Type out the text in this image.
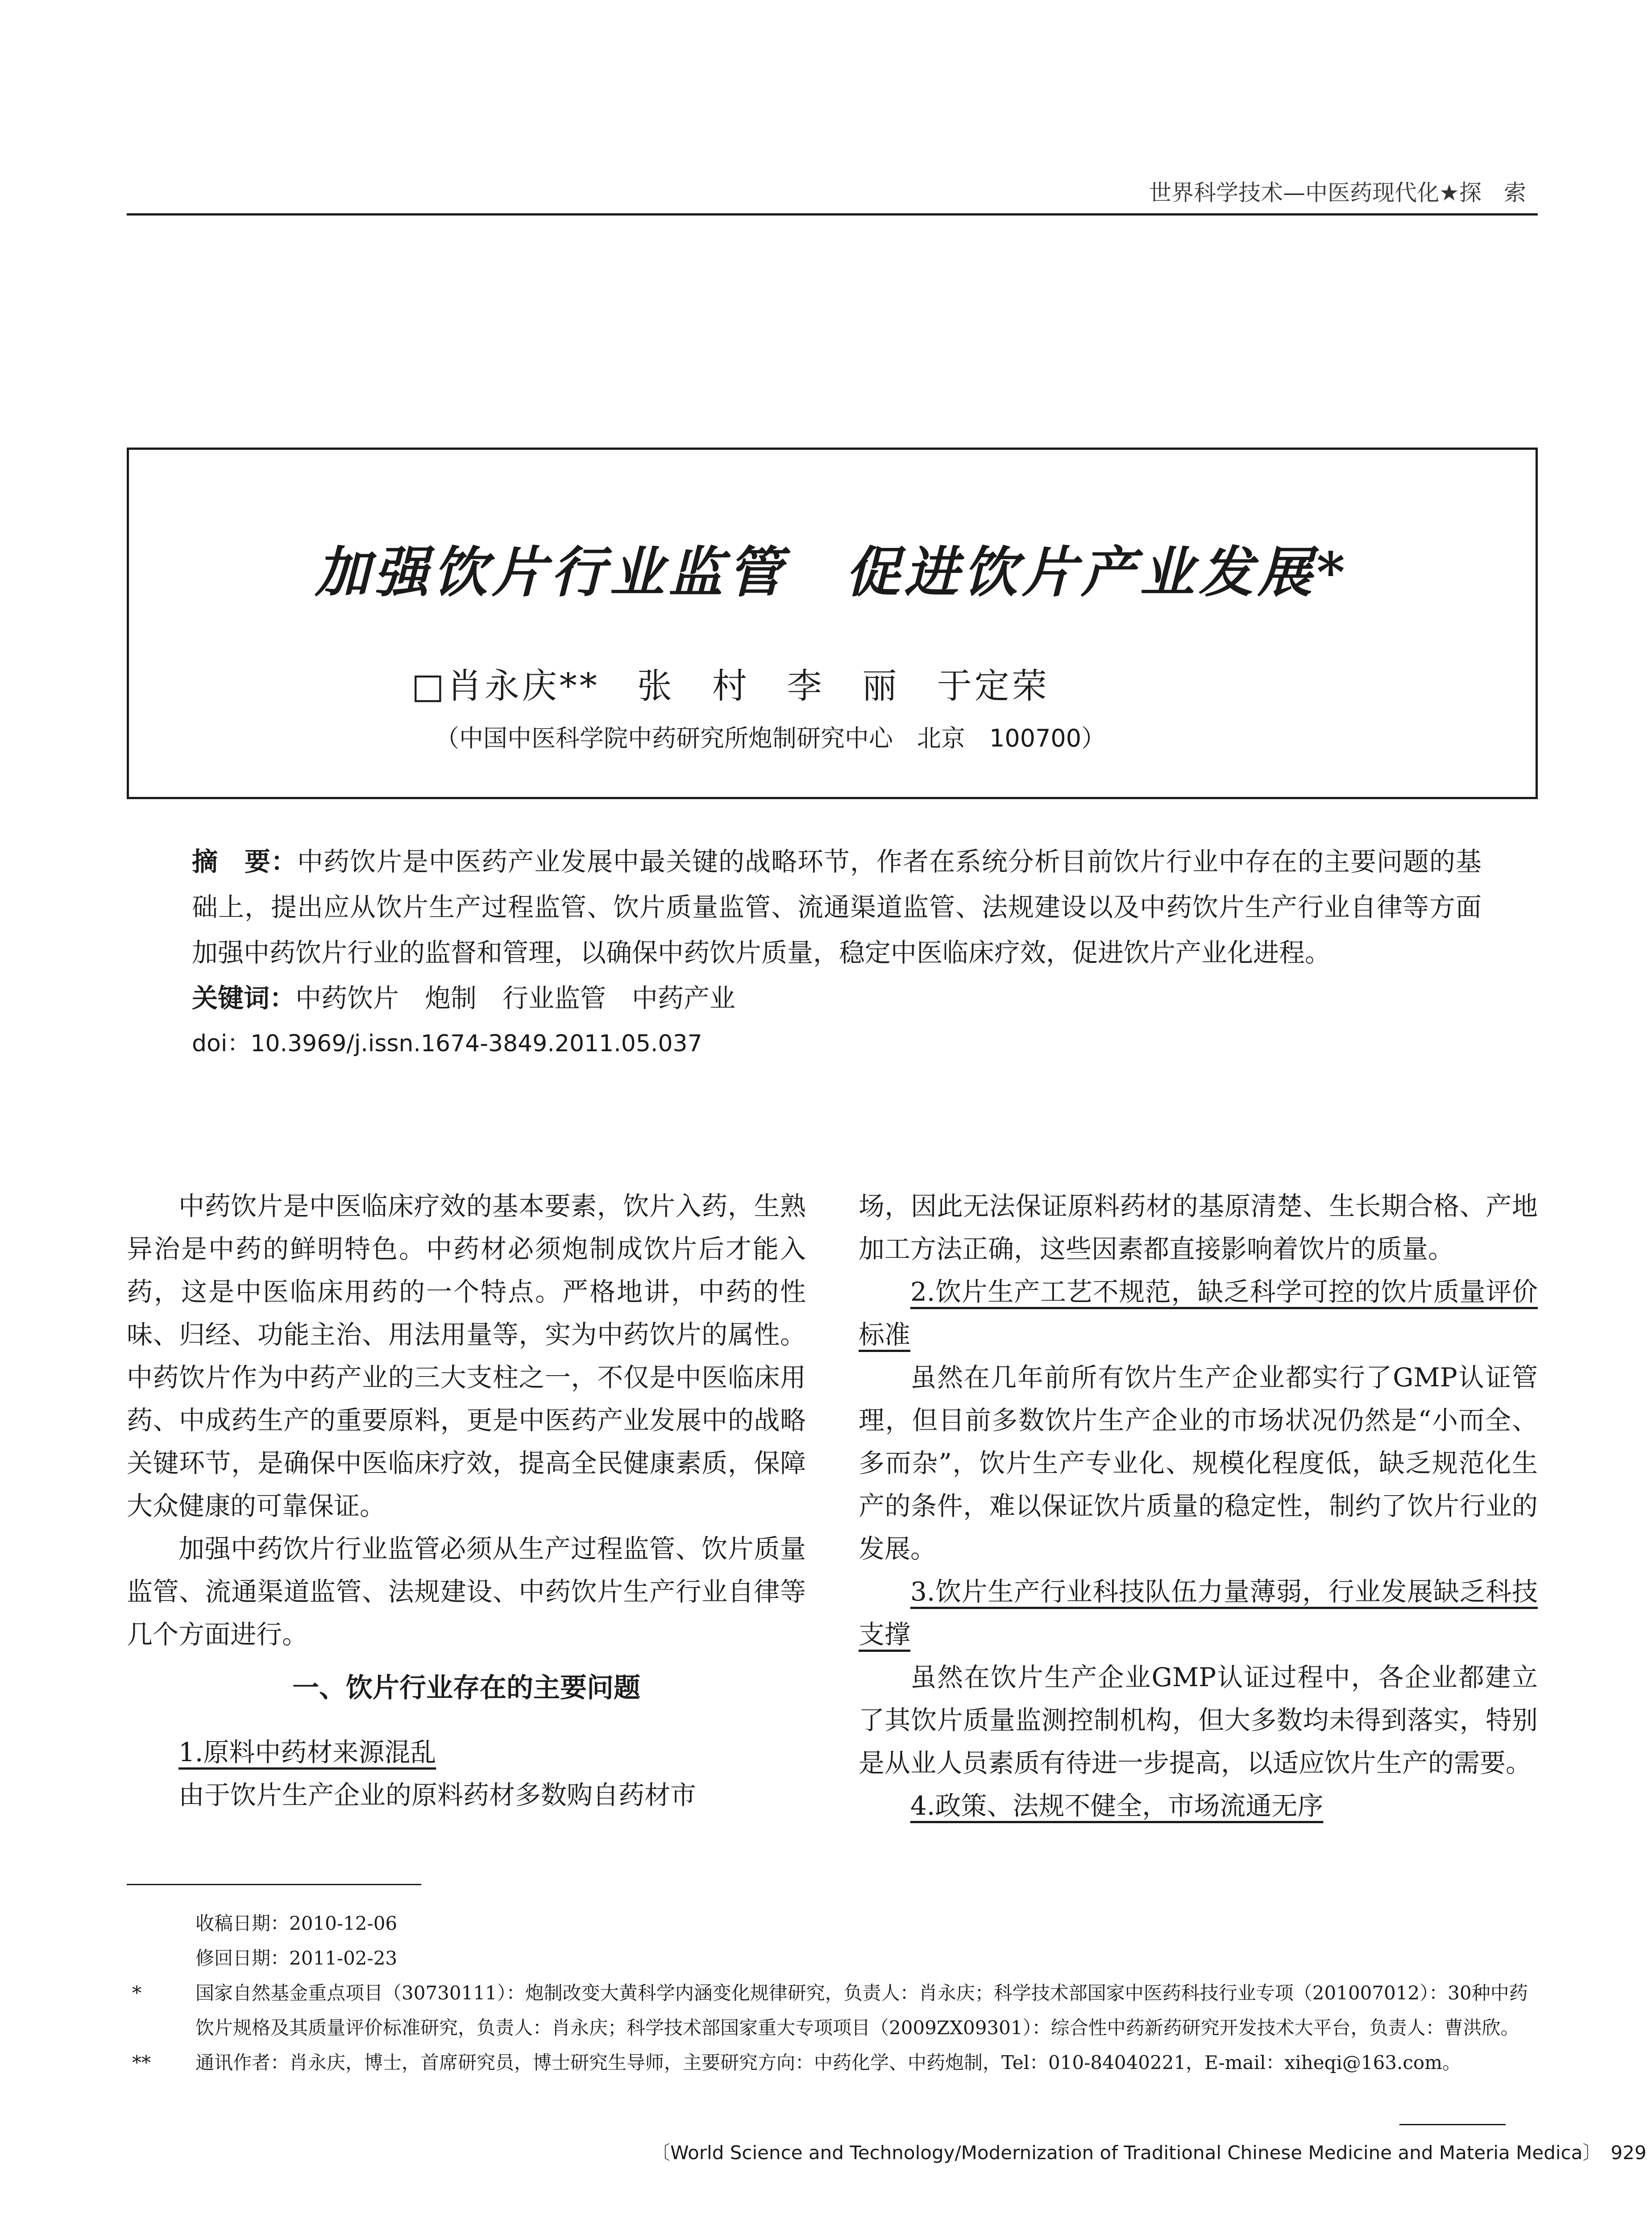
世界科学技术—中医药现代化★探　索
加强饮片行业监管　促进饮片产业发展*
□肖永庆**　张　村　李　丽　于定荣
（中国中医科学院中药研究所炮制研究中心　北京　100700）

摘　要：中药饮片是中医药产业发展中最关键的战略环节，作者在系统分析目前饮片行业中存在的主要问题的基础上，提出应从饮片生产过程监管、饮片质量监管、流通渠道监管、法规建设以及中药饮片生产行业自律等方面加强中药饮片行业的监督和管理，以确保中药饮片质量，稳定中医临床疗效，促进饮片产业化进程。

关键词：中药饮片　炮制　行业监管　中药产业

doi：10.3969/j.issn.1674-3849.2011.05.037

中药饮片是中医临床疗效的基本要素，饮片入药，生熟异治是中药的鲜明特色。中药材必须炮制成饮片后才能入药，这是中医临床用药的一个特点。严格地讲，中药的性味、归经、功能主治、用法用量等，实为中药饮片的属性。中药饮片作为中药产业的三大支柱之一，不仅是中医临床用药、中成药生产的重要原料，更是中医药产业发展中的战略关键环节，是确保中医临床疗效，提高全民健康素质，保障大众健康的可靠保证。

加强中药饮片行业监管必须从生产过程监管、饮片质量监管、流通渠道监管、法规建设、中药饮片生产行业自律等几个方面进行。

一、饮片行业存在的主要问题

1.原料中药材来源混乱

由于饮片生产企业的原料药材多数购自药材市

场，因此无法保证原料药材的基原清楚、生长期合格、产地加工方法正确，这些因素都直接影响着饮片的质量。

2.饮片生产工艺不规范，缺乏科学可控的饮片质量评价标准

虽然在几年前所有饮片生产企业都实行了GMP认证管理，但目前多数饮片生产企业的市场状况仍然是“小而全、多而杂”，饮片生产专业化、规模化程度低，缺乏规范化生产的条件，难以保证饮片质量的稳定性，制约了饮片行业的发展。

3.饮片生产行业科技队伍力量薄弱，行业发展缺乏科技支撑

虽然在饮片生产企业GMP认证过程中，各企业都建立了其饮片质量监测控制机构，但大多数均未得到落实，特别是从业人员素质有待进一步提高，以适应饮片生产的需要。

4.政策、法规不健全，市场流通无序

收稿日期：2010-12-06
修回日期：2011-02-23
*	国家自然基金重点项目（30730111）：炮制改变大黄科学内涵变化规律研究，负责人：肖永庆；科学技术部国家中医药科技行业专项（201007012）：30种中药饮片规格及其质量评价标准研究，负责人：肖永庆；科学技术部国家重大专项项目（2009ZX09301）：综合性中药新药研究开发技术大平台，负责人：曹洪欣。
** 通讯作者：肖永庆，博士，首席研究员，博士研究生导师，主要研究方向：中药化学、中药炮制，Tel：010-84040221，E-mail：xiheqi@163.com。
〔World Science and Technology/Modernization of Traditional Chinese Medicine and Materia Medica〕　929
